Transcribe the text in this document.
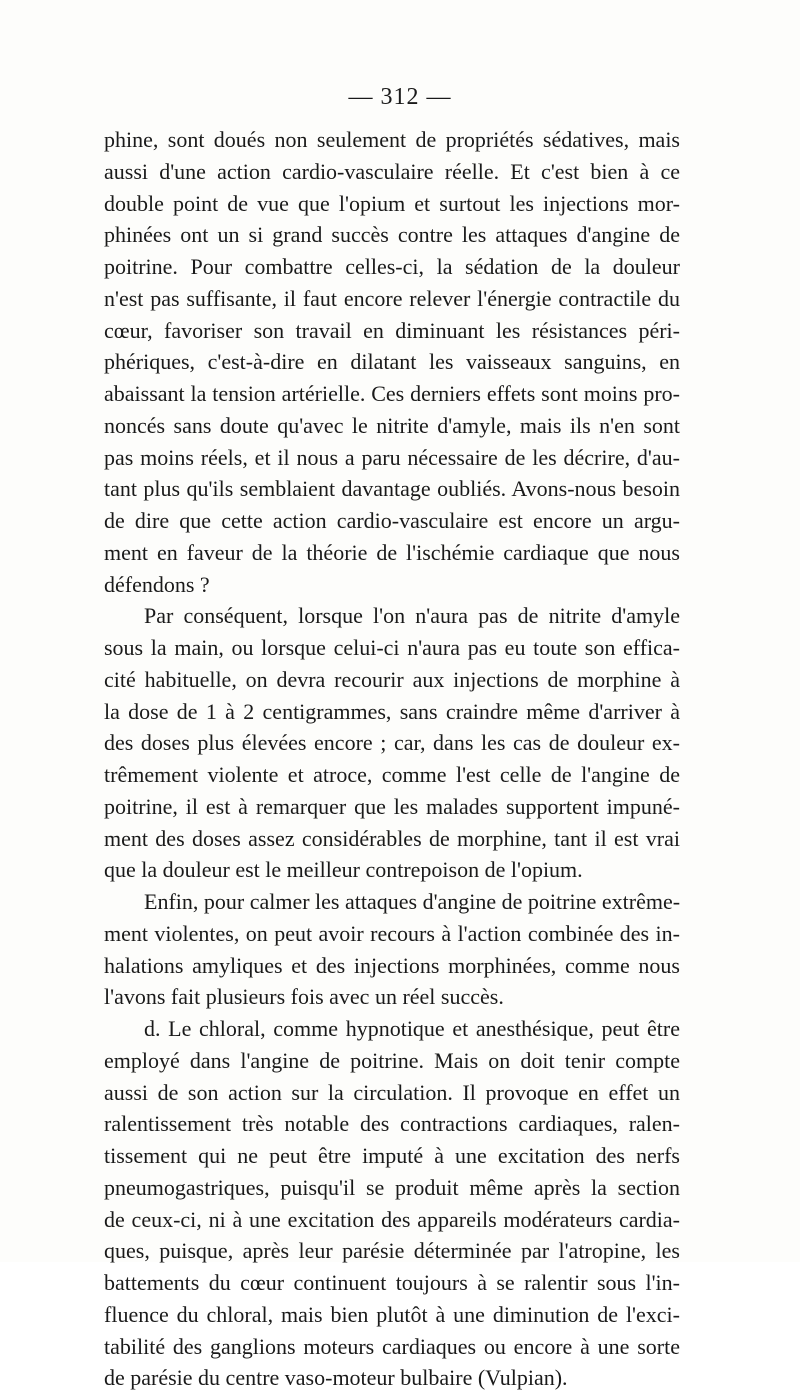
— 312 —
phine, sont doués non seulement de propriétés sédatives, mais
aussi d'une action cardio-vasculaire réelle. Et c'est bien à ce
double point de vue que l'opium et surtout les injections mor-
phinées ont un si grand succès contre les attaques d'angine de
poitrine. Pour combattre celles-ci, la sédation de la douleur
n'est pas suffisante, il faut encore relever l'énergie contractile du
cœur, favoriser son travail en diminuant les résistances péri-
phériques, c'est-à-dire en dilatant les vaisseaux sanguins, en
abaissant la tension artérielle. Ces derniers effets sont moins pro-
noncés sans doute qu'avec le nitrite d'amyle, mais ils n'en sont
pas moins réels, et il nous a paru nécessaire de les décrire, d'au-
tant plus qu'ils semblaient davantage oubliés. Avons-nous besoin
de dire que cette action cardio-vasculaire est encore un argu-
ment en faveur de la théorie de l'ischémie cardiaque que nous
défendons ?
Par conséquent, lorsque l'on n'aura pas de nitrite d'amyle
sous la main, ou lorsque celui-ci n'aura pas eu toute son effica-
cité habituelle, on devra recourir aux injections de morphine à
la dose de 1 à 2 centigrammes, sans craindre même d'arriver à
des doses plus élevées encore ; car, dans les cas de douleur ex-
trêmement violente et atroce, comme l'est celle de l'angine de
poitrine, il est à remarquer que les malades supportent impuné-
ment des doses assez considérables de morphine, tant il est vrai
que la douleur est le meilleur contrepoison de l'opium.
Enfin, pour calmer les attaques d'angine de poitrine extrême-
ment violentes, on peut avoir recours à l'action combinée des in-
halations amyliques et des injections morphinées, comme nous
l'avons fait plusieurs fois avec un réel succès.
d. Le chloral, comme hypnotique et anesthésique, peut être
employé dans l'angine de poitrine. Mais on doit tenir compte
aussi de son action sur la circulation. Il provoque en effet un
ralentissement très notable des contractions cardiaques, ralen-
tissement qui ne peut être imputé à une excitation des nerfs
pneumogastriques, puisqu'il se produit même après la section
de ceux-ci, ni à une excitation des appareils modérateurs cardia-
ques, puisque, après leur parésie déterminée par l'atropine, les
battements du cœur continuent toujours à se ralentir sous l'in-
fluence du chloral, mais bien plutôt à une diminution de l'exci-
tabilité des ganglions moteurs cardiaques ou encore à une sorte
de parésie du centre vaso-moteur bulbaire (Vulpian).
